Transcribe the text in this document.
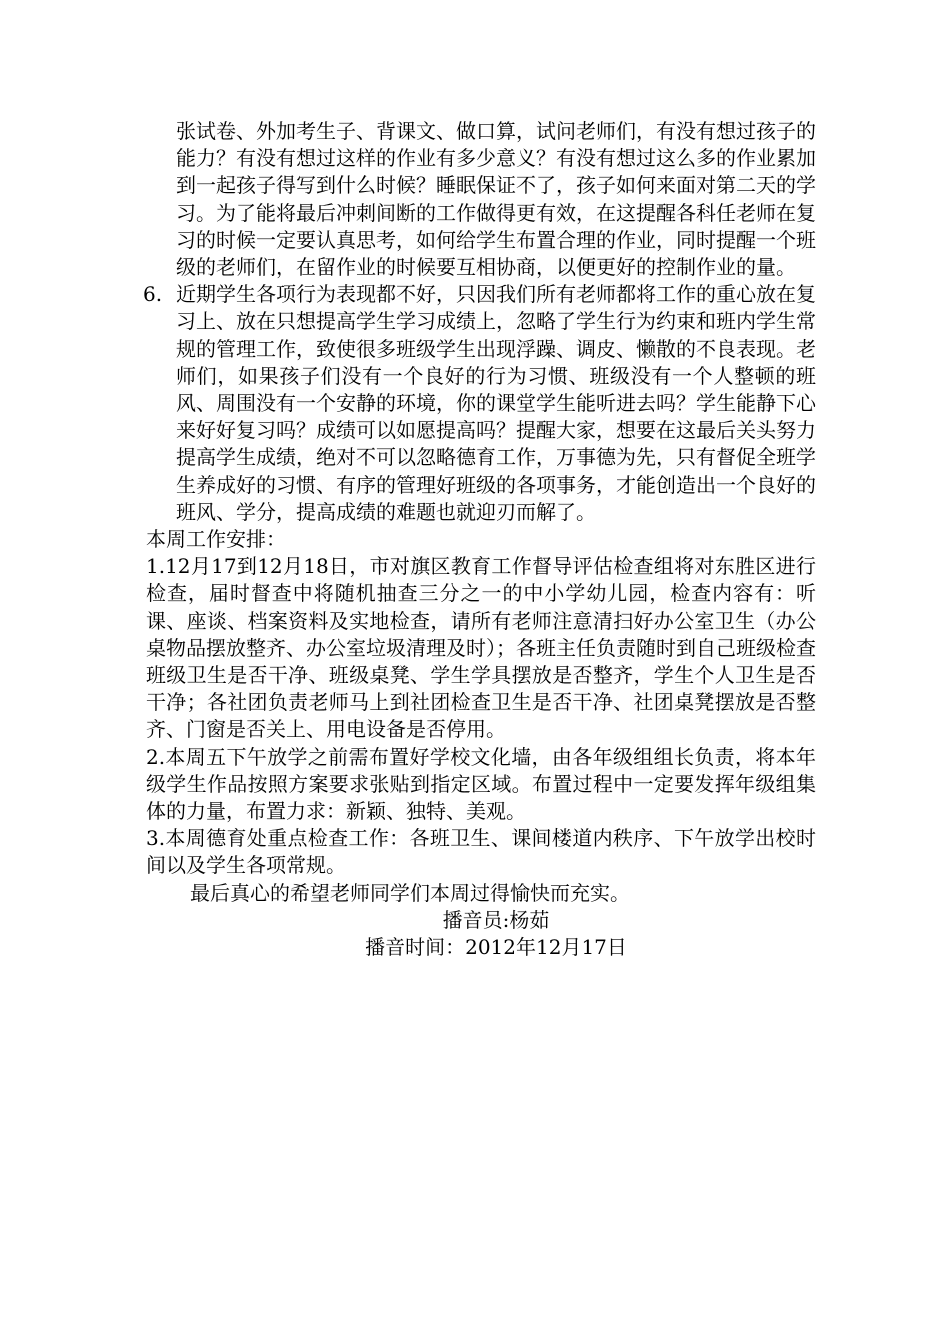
张试卷、外加考生子、背课文、做口算，试问老师们，有没有想过孩子的能力？有没有想过这样的作业有多少意义？有没有想过这么多的作业累加到一起孩子得写到什么时候？睡眠保证不了，孩子如何来面对第二天的学习。为了能将最后冲刺间断的工作做得更有效，在这提醒各科任老师在复习的时候一定要认真思考，如何给学生布置合理的作业，同时提醒一个班级的老师们，在留作业的时候要互相协商，以便更好的控制作业的量。

6. 近期学生各项行为表现都不好，只因我们所有老师都将工作的重心放在复习上、放在只想提高学生学习成绩上，忽略了学生行为约束和班内学生常规的管理工作，致使很多班级学生出现浮躁、调皮、懒散的不良表现。老师们，如果孩子们没有一个良好的行为习惯、班级没有一个人整顿的班风、周围没有一个安静的环境，你的课堂学生能听进去吗？学生能静下心来好好复习吗？成绩可以如愿提高吗？提醒大家，想要在这最后关头努力提高学生成绩，绝对不可以忽略德育工作，万事德为先，只有督促全班学生养成好的习惯、有序的管理好班级的各项事务，才能创造出一个良好的班风、学分，提高成绩的难题也就迎刃而解了。

本周工作安排：

1.12月17到12月18日，市对旗区教育工作督导评估检查组将对东胜区进行检查，届时督查中将随机抽查三分之一的中小学幼儿园，检查内容有：听课、座谈、档案资料及实地检查，请所有老师注意清扫好办公室卫生（办公桌物品摆放整齐、办公室垃圾清理及时）；各班主任负责随时到自己班级检查班级卫生是否干净、班级桌凳、学生学具摆放是否整齐，学生个人卫生是否干净；各社团负责老师马上到社团检查卫生是否干净、社团桌凳摆放是否整齐、门窗是否关上、用电设备是否停用。

2.本周五下午放学之前需布置好学校文化墙，由各年级组组长负责，将本年级学生作品按照方案要求张贴到指定区域。布置过程中一定要发挥年级组集体的力量，布置力求：新颖、独特、美观。

3.本周德育处重点检查工作：各班卫生、课间楼道内秩序、下午放学出校时间以及学生各项常规。

最后真心的希望老师同学们本周过得愉快而充实。

播音员:杨茹

播音时间：2012年12月17日
